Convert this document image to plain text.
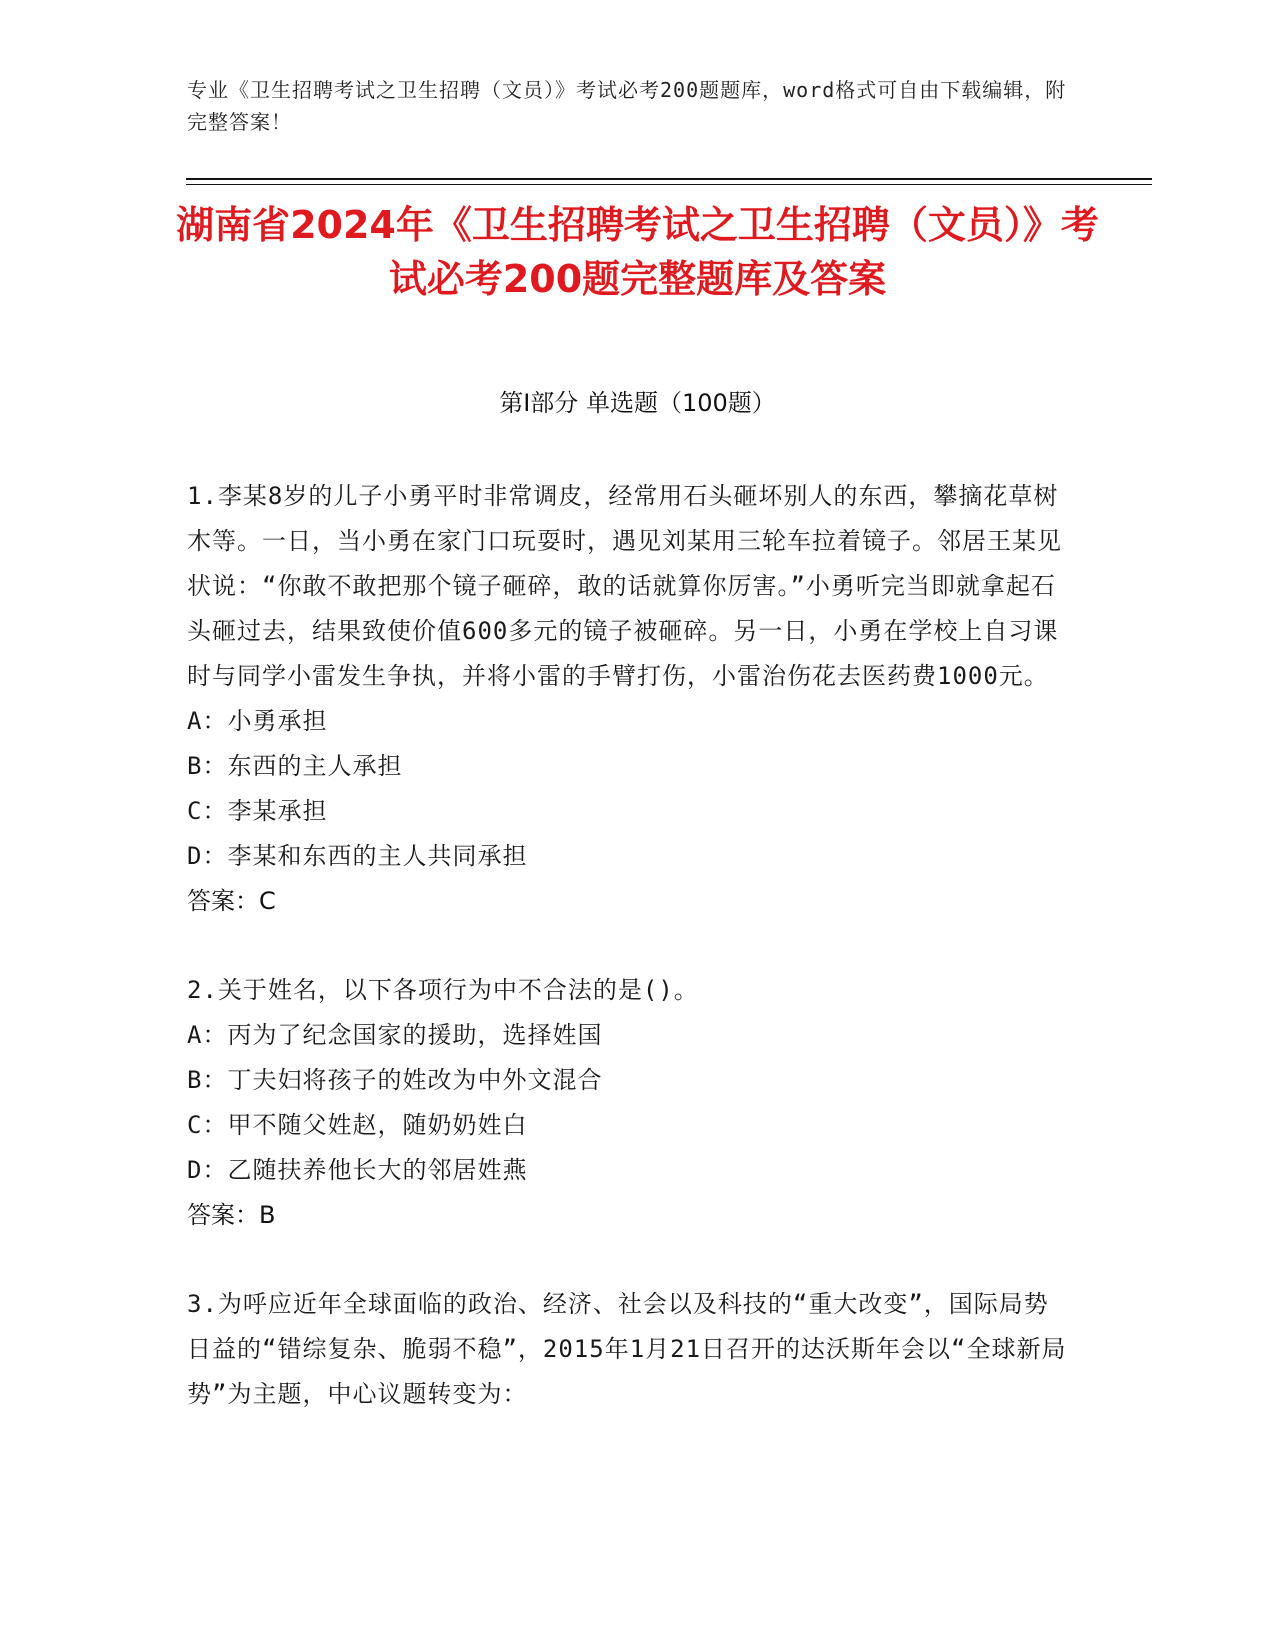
专业《卫生招聘考试之卫生招聘（文员）》考试必考200题题库，word格式可自由下载编辑，附完整答案！
湖南省2024年《卫生招聘考试之卫生招聘（文员）》考试必考200题完整题库及答案
第Ⅰ部分 单选题（100题）
1.李某8岁的儿子小勇平时非常调皮，经常用石头砸坏别人的东西，攀摘花草树木等。一日，当小勇在家门口玩耍时，遇见刘某用三轮车拉着镜子。邻居王某见状说：“你敢不敢把那个镜子砸碎，敢的话就算你厉害。”小勇听完当即就拿起石头砸过去，结果致使价值600多元的镜子被砸碎。另一日，小勇在学校上自习课时与同学小雷发生争执，并将小雷的手臂打伤，小雷治伤花去医药费1000元。
A：小勇承担
B：东西的主人承担
C：李某承担
D：李某和东西的主人共同承担
答案：C
2.关于姓名，以下各项行为中不合法的是()。
A：丙为了纪念国家的援助，选择姓国
B：丁夫妇将孩子的姓改为中外文混合
C：甲不随父姓赵，随奶奶姓白
D：乙随扶养他长大的邻居姓燕
答案：B
3.为呼应近年全球面临的政治、经济、社会以及科技的“重大改变”，国际局势日益的“错综复杂、脆弱不稳”，2015年1月21日召开的达沃斯年会以“全球新局势”为主题，中心议题转变为：
